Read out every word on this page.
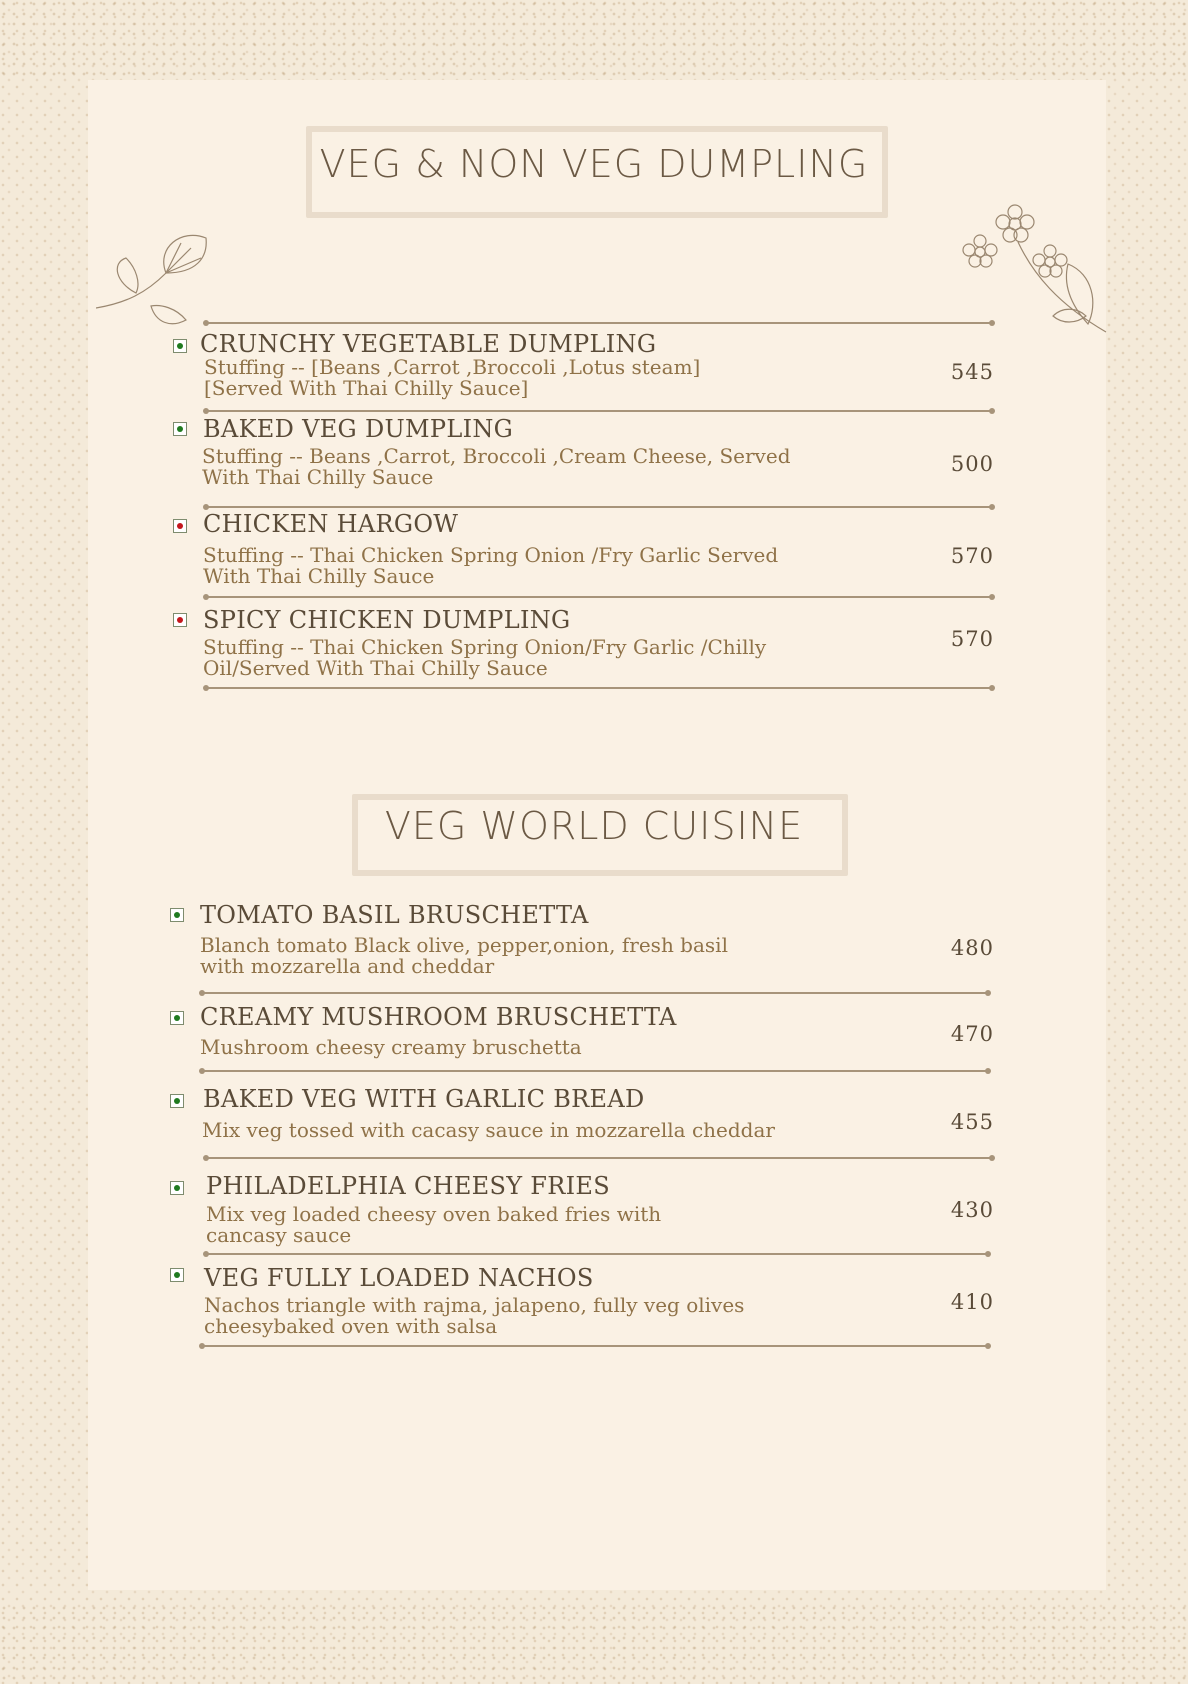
VEG & NON VEG DUMPLING
CRUNCHY VEGETABLE DUMPLING
Stuffing -- [Beans ,Carrot ,Broccoli ,Lotus steam] [Served With Thai Chilly Sauce]
545
BAKED VEG DUMPLING
Stuffing -- Beans ,Carrot, Broccoli ,Cream Cheese, Served With Thai Chilly Sauce
500
CHICKEN HARGOW
Stuffing -- Thai Chicken Spring Onion /Fry Garlic Served With Thai Chilly Sauce
570
SPICY CHICKEN DUMPLING
Stuffing -- Thai Chicken Spring Onion/Fry Garlic /Chilly Oil/Served With Thai Chilly Sauce
570
VEG WORLD CUISINE
TOMATO BASIL BRUSCHETTA
Blanch tomato Black olive, pepper,onion, fresh basil with mozzarella and cheddar
480
CREAMY MUSHROOM BRUSCHETTA
Mushroom cheesy creamy bruschetta
470
BAKED VEG WITH GARLIC BREAD
Mix veg tossed with cacasy sauce in mozzarella cheddar	455
PHILADELPHIA CHEESY FRIES
Mix veg loaded cheesy oven baked fries with cancasy sauce
430
VEG FULLY LOADED NACHOS
Nachos triangle with rajma, jalapeno, fully veg olives cheesybaked oven with salsa
410
